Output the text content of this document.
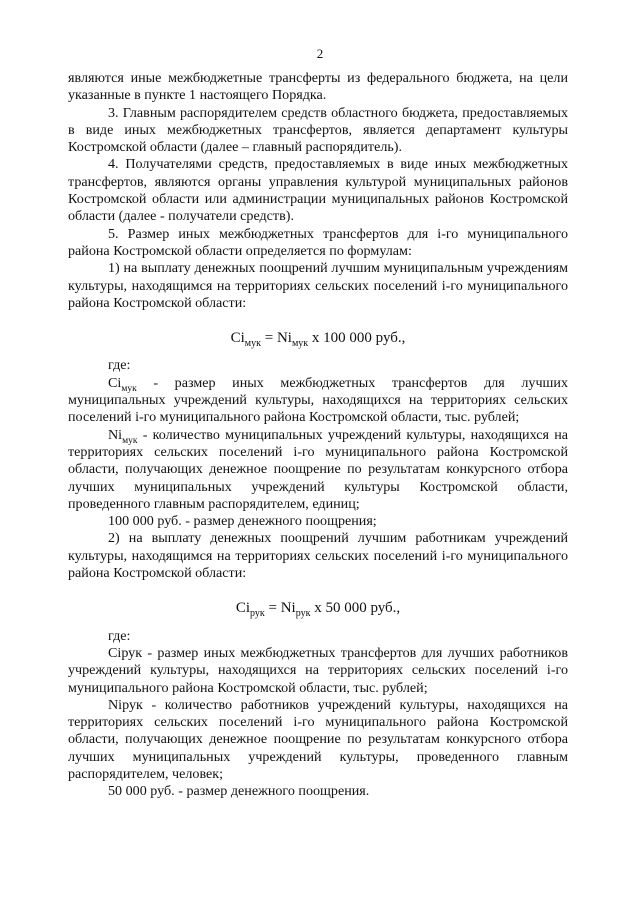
2

являются иные межбюджетные трансферты из федерального бюджета, на цели указанные в пункте 1 настоящего Порядка.

3. Главным распорядителем средств областного бюджета, предоставляемых в виде иных межбюджетных трансфертов, является департамент культуры Костромской области (далее – главный распорядитель).

4. Получателями средств, предоставляемых в виде иных межбюджетных трансфертов, являются органы управления культурой муниципальных районов Костромской области или администрации муниципальных районов Костромской области (далее - получатели средств).

5. Размер иных межбюджетных трансфертов для i-го муниципального района Костромской области определяется по формулам:

1) на выплату денежных поощрений лучшим муниципальным учреждениям культуры, находящимся на территориях сельских поселений i-го муниципального района Костромской области:

$Ci_{мук} = Ni_{мук}$ x 100 000 руб.,

где:

$Ci_{мук}$ - размер иных межбюджетных трансфертов для лучших муниципальных учреждений культуры, находящихся на территориях сельских поселений i-го муниципального района Костромской области, тыс. рублей;

$Ni_{мук}$ - количество муниципальных учреждений культуры, находящихся на территориях сельских поселений i-го муниципального района Костромской области, получающих денежное поощрение по результатам конкурсного отбора лучших муниципальных учреждений культуры Костромской области, проведенного главным распорядителем, единиц;

100 000 руб. - размер денежного поощрения;

2) на выплату денежных поощрений лучшим работникам учреждений культуры, находящимся на территориях сельских поселений i-го муниципального района Костромской области:

$Ci_{рук} = Ni_{рук}$ x 50 000 руб.,

где:

Ciрук - размер иных межбюджетных трансфертов для лучших работников учреждений культуры, находящихся на территориях сельских поселений i-го муниципального района Костромской области, тыс. рублей;

Niрук - количество работников учреждений культуры, находящихся на территориях сельских поселений i-го муниципального района Костромской области, получающих денежное поощрение по результатам конкурсного отбора лучших муниципальных учреждений культуры, проведенного главным распорядителем, человек;

50 000 руб. - размер денежного поощрения.
